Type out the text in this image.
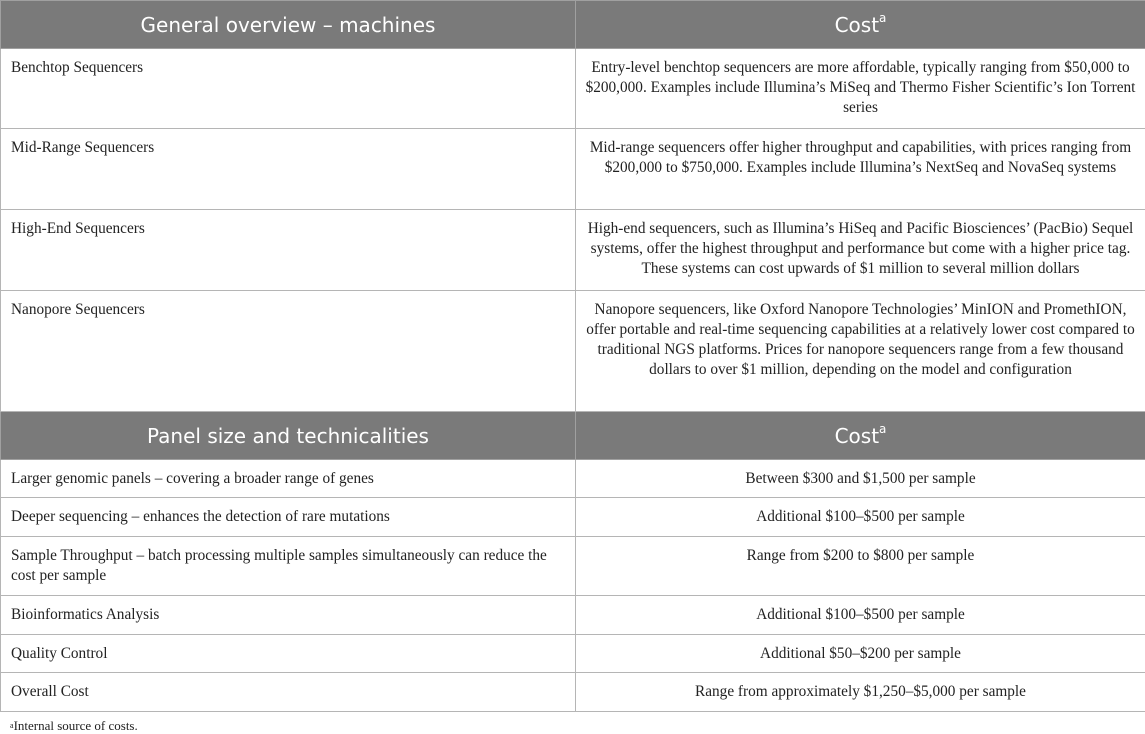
General overview – machines	Cost$^a$
Benchtop Sequencers	Entry-level benchtop sequencers are more affordable, typically ranging from $50,000 to $200,000. Examples include Illumina’s MiSeq and Thermo Fisher Scientific’s Ion Torrent series
Mid-Range Sequencers	Mid-range sequencers offer higher throughput and capabilities, with prices ranging from $200,000 to $750,000. Examples include Illumina’s NextSeq and NovaSeq systems
High-End Sequencers	High-end sequencers, such as Illumina’s HiSeq and Pacific Biosciences’ (PacBio) Sequel systems, offer the highest throughput and performance but come with a higher price tag. These systems can cost upwards of $1 million to several million dollars
Nanopore Sequencers	Nanopore sequencers, like Oxford Nanopore Technologies’ MinION and PromethION, offer portable and real-time sequencing capabilities at a relatively lower cost compared to traditional NGS platforms. Prices for nanopore sequencers range from a few thousand dollars to over $1 million, depending on the model and configuration
Panel size and technicalities	Cost$^a$
Larger genomic panels – covering a broader range of genes	Between $300 and $1,500 per sample
Deeper sequencing – enhances the detection of rare mutations	Additional $100–$500 per sample
Sample Throughput – batch processing multiple samples simultaneously can reduce the cost per sample	Range from $200 to $800 per sample
Bioinformatics Analysis	Additional $100–$500 per sample
Quality Control	Additional $50–$200 per sample
Overall Cost	Range from approximately $1,250–$5,000 per sample
$^a$Internal source of costs.
